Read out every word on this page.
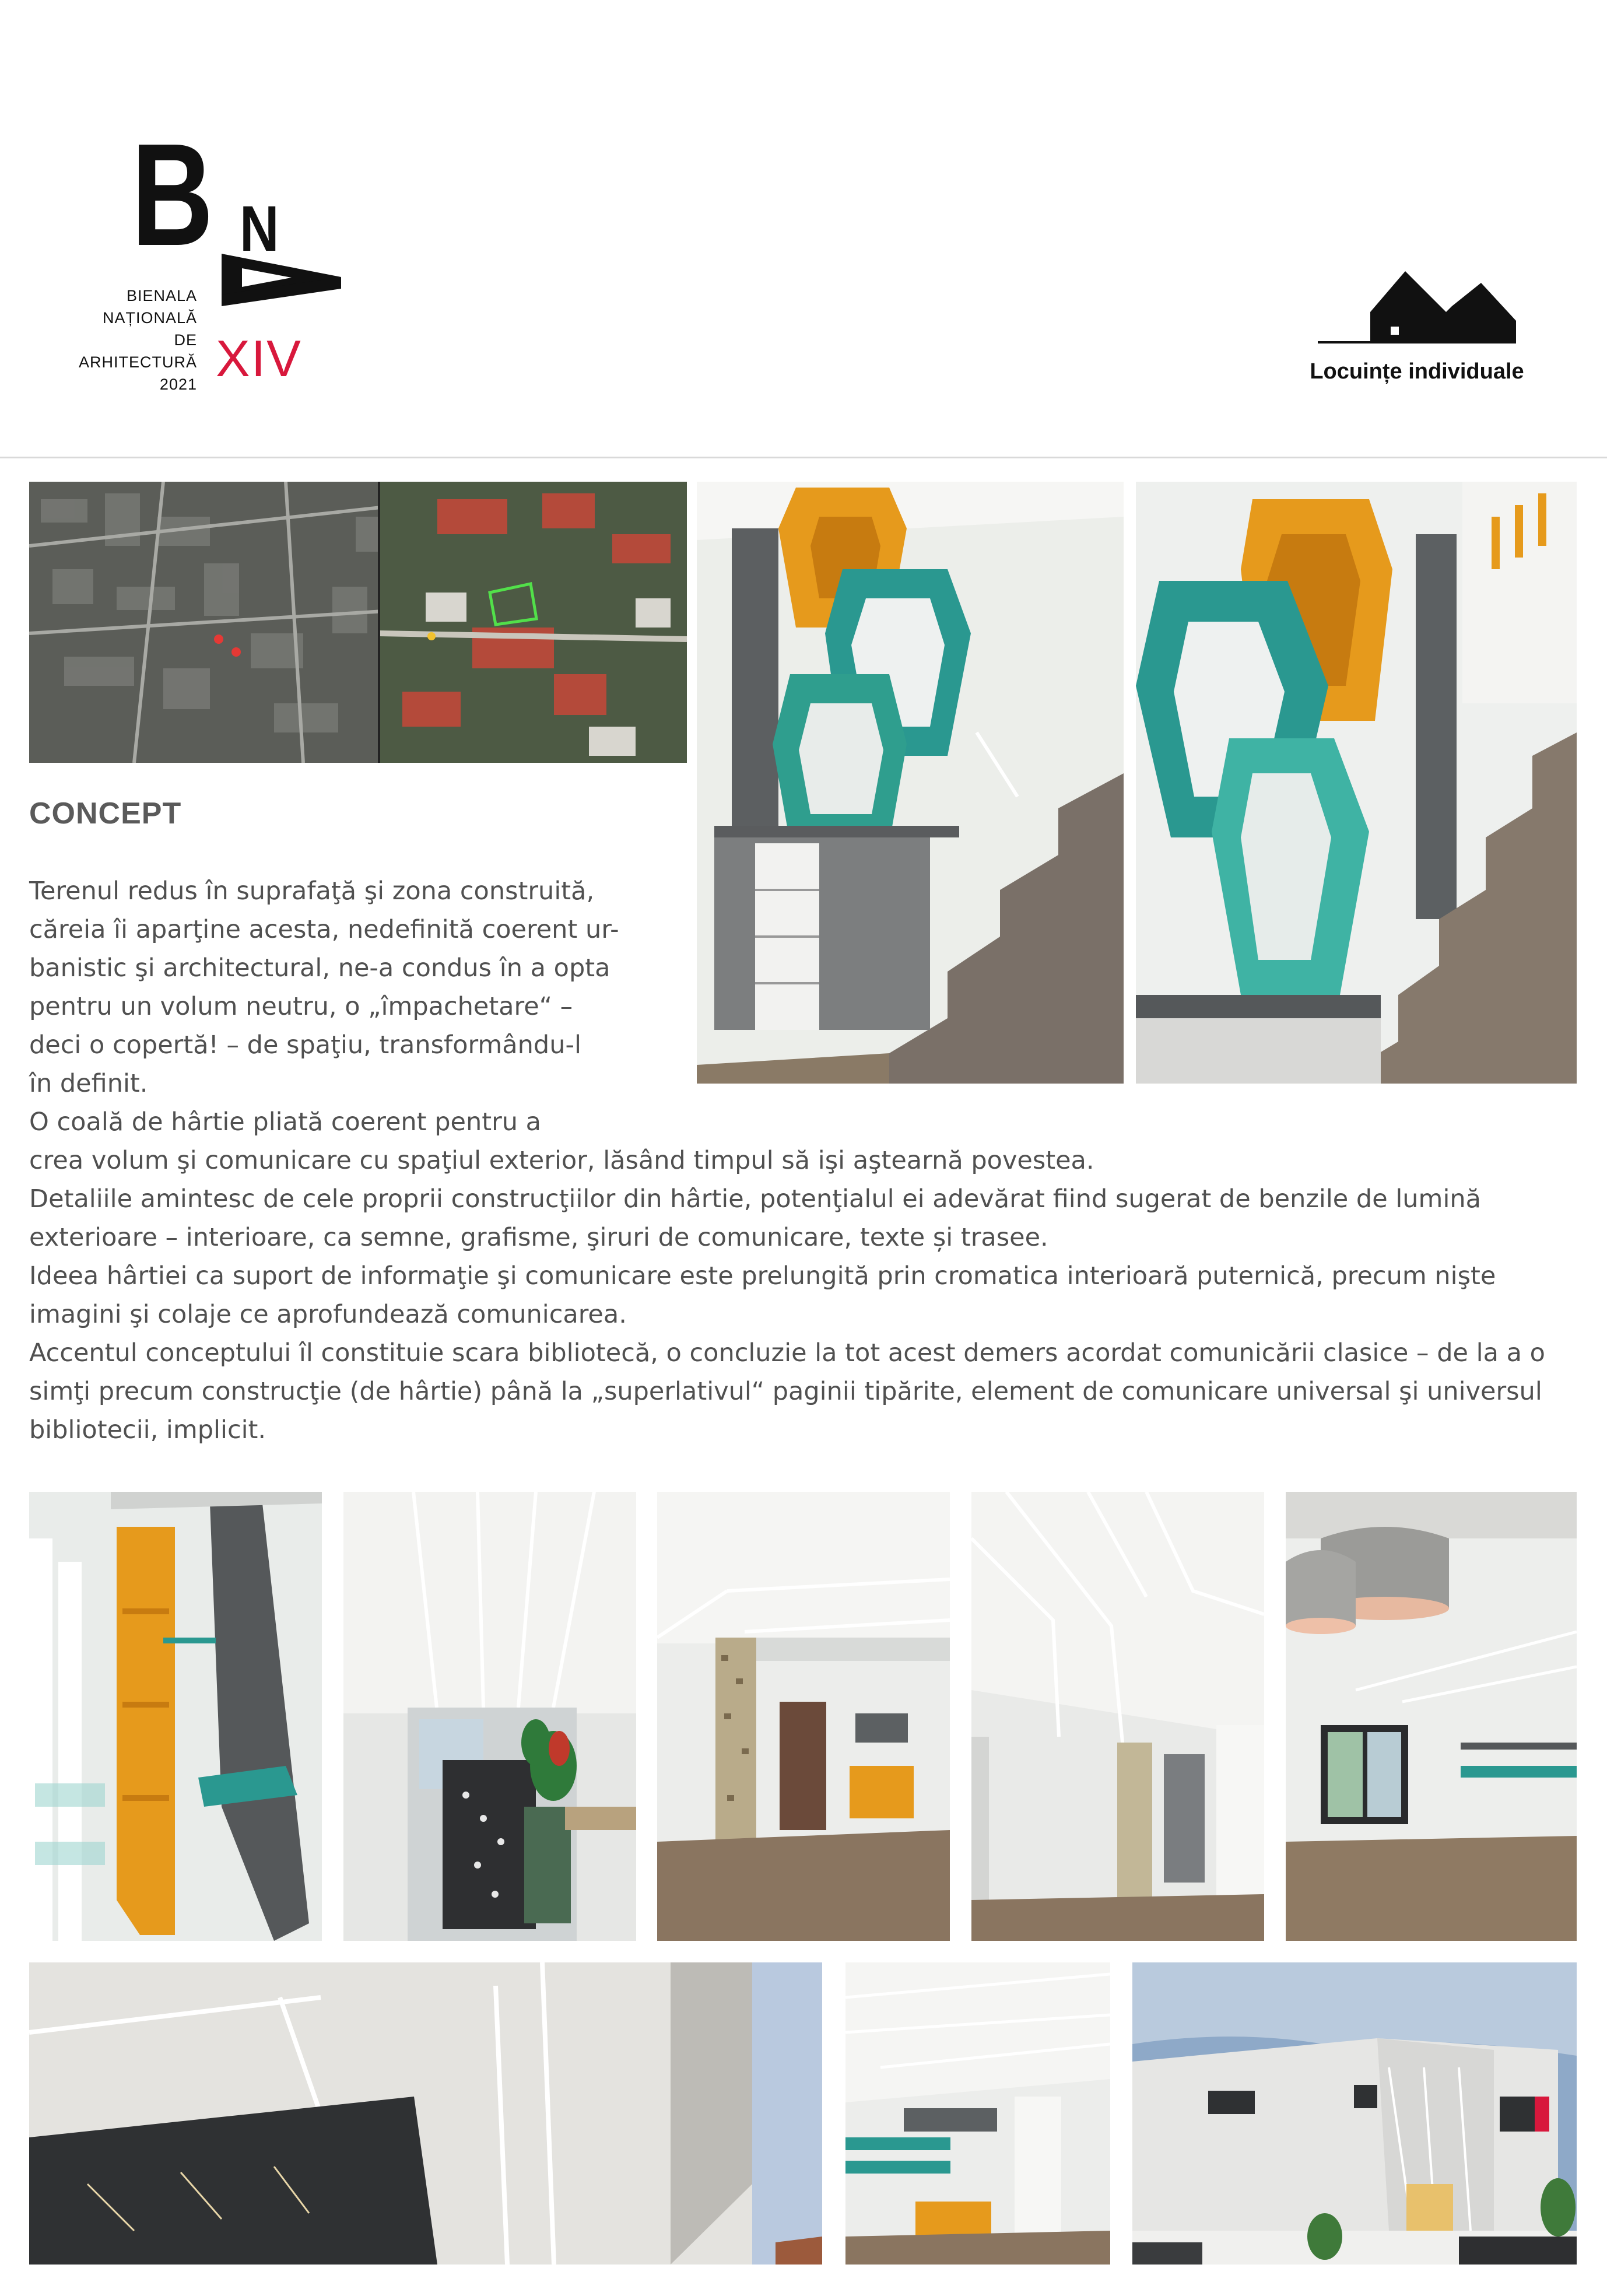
B N
BIENALA
NAȚIONALĂ
DE
ARHITECTURĂ
2021 XIV	Locuințe individuale
CONCEPT
Terenul redus în suprafaţă şi zona construită,
căreia îi aparţine acesta, nedefinită coerent ur-
banistic şi architectural, ne-a condus în a opta
pentru un volum neutru, o „împachetare“ –
deci o copertă! – de spaţiu, transformându-l
în definit.
O coală de hârtie pliată coerent pentru a
crea volum şi comunicare cu spaţiul exterior, lăsând timpul să işi aştearnă povestea.
Detaliile amintesc de cele proprii construcţiilor din hârtie, potenţialul ei adevărat fiind sugerat de benzile de lumină exterioare – interioare, ca semne, grafisme, şiruri de comunicare, texte și trasee.
Ideea hârtiei ca suport de informaţie şi comunicare este prelungită prin cromatica interioară puternică, precum nişte imagini şi colaje ce aprofundează comunicarea.
Accentul conceptului îl constituie scara bibliotecă, o concluzie la tot acest demers acordat comunicării clasice – de la a o simţi precum construcţie (de hârtie) până la „superlativul“ paginii tipărite, element de comunicare universal şi universul bibliotecii, implicit.
